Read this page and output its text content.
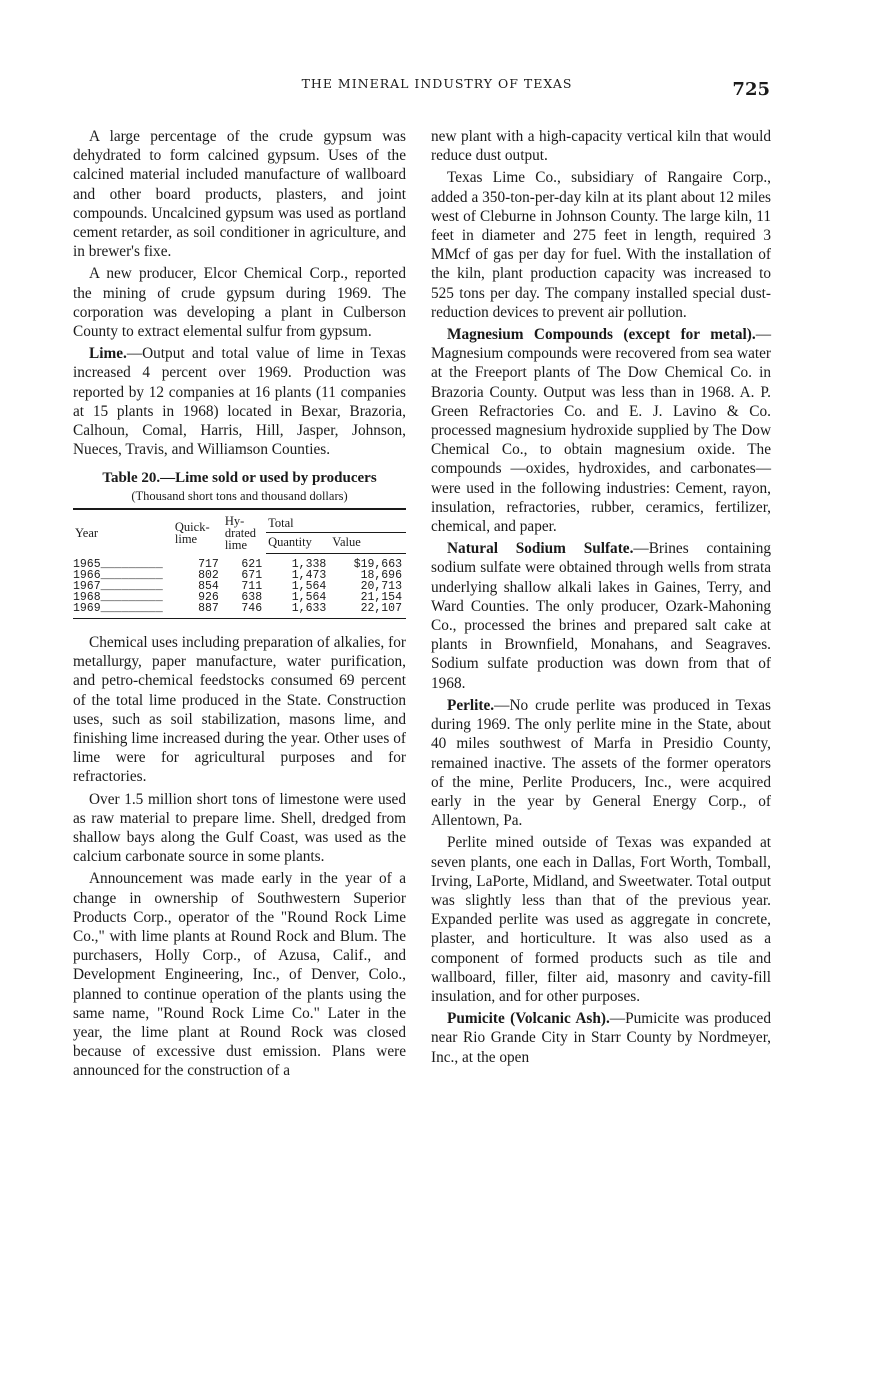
THE MINERAL INDUSTRY OF TEXAS	725

A large percentage of the crude gypsum was dehydrated to form calcined gypsum. Uses of the calcined material included manufacture of wallboard and other board products, plasters, and joint compounds. Uncalcined gypsum was used as portland cement retarder, as soil conditioner in agriculture, and in brewer's fixe.

A new producer, Elcor Chemical Corp., reported the mining of crude gypsum during 1969. The corporation was developing a plant in Culberson County to extract elemental sulfur from gypsum.

Lime.—Output and total value of lime in Texas increased 4 percent over 1969. Production was reported by 12 companies at 16 plants (11 companies at 15 plants in 1968) located in Bexar, Brazoria, Calhoun, Comal, Harris, Hill, Jasper, Johnson, Nueces, Travis, and Williamson Counties.

Table 20.—Lime sold or used by producers
(Thousand short tons and thousand dollars)
Year	Quick-lime	Hy-drated lime	Total	
			Quantity	Value
1965_________	717	621	1,338	$19,663
1966_________	802	671	1,473	18,696
1967_________	854	711	1,564	20,713
1968_________	926	638	1,564	21,154
1969_________	887	746	1,633	22,107

Chemical uses including preparation of alkalies, for metallurgy, paper manufacture, water purification, and petro-chemical feedstocks consumed 69 percent of the total lime produced in the State. Construction uses, such as soil stabilization, masons lime, and finishing lime increased during the year. Other uses of lime were for agricultural purposes and for refractories.

Over 1.5 million short tons of limestone were used as raw material to prepare lime. Shell, dredged from shallow bays along the Gulf Coast, was used as the calcium carbonate source in some plants.

Announcement was made early in the year of a change in ownership of Southwestern Superior Products Corp., operator of the "Round Rock Lime Co.," with lime plants at Round Rock and Blum. The purchasers, Holly Corp., of Azusa, Calif., and Development Engineering, Inc., of Denver, Colo., planned to continue operation of the plants using the same name, "Round Rock Lime Co." Later in the year, the lime plant at Round Rock was closed because of excessive dust emission. Plans were announced for the construction of a

new plant with a high-capacity vertical kiln that would reduce dust output.

Texas Lime Co., subsidiary of Rangaire Corp., added a 350-ton-per-day kiln at its plant about 12 miles west of Cleburne in Johnson County. The large kiln, 11 feet in diameter and 275 feet in length, required 3 MMcf of gas per day for fuel. With the installation of the kiln, plant production capacity was increased to 525 tons per day. The company installed special dust-reduction devices to prevent air pollution.

Magnesium Compounds (except for metal).—Magnesium compounds were recovered from sea water at the Freeport plants of The Dow Chemical Co. in Brazoria County. Output was less than in 1968. A. P. Green Refractories Co. and E. J. Lavino & Co. processed magnesium hydroxide supplied by The Dow Chemical Co., to obtain magnesium oxide. The compounds —oxides, hydroxides, and carbonates—were used in the following industries: Cement, rayon, insulation, refractories, rubber, ceramics, fertilizer, chemical, and paper.

Natural Sodium Sulfate.—Brines containing sodium sulfate were obtained through wells from strata underlying shallow alkali lakes in Gaines, Terry, and Ward Counties. The only producer, Ozark-Mahoning Co., processed the brines and prepared salt cake at plants in Brownfield, Monahans, and Seagraves. Sodium sulfate production was down from that of 1968.

Perlite.—No crude perlite was produced in Texas during 1969. The only perlite mine in the State, about 40 miles southwest of Marfa in Presidio County, remained inactive. The assets of the former operators of the mine, Perlite Producers, Inc., were acquired early in the year by General Energy Corp., of Allentown, Pa.

Perlite mined outside of Texas was expanded at seven plants, one each in Dallas, Fort Worth, Tomball, Irving, LaPorte, Midland, and Sweetwater. Total output was slightly less than that of the previous year. Expanded perlite was used as aggregate in concrete, plaster, and horticulture. It was also used as a component of formed products such as tile and wallboard, filler, filter aid, masonry and cavity-fill insulation, and for other purposes.

Pumicite (Volcanic Ash).—Pumicite was produced near Rio Grande City in Starr County by Nordmeyer, Inc., at the open
